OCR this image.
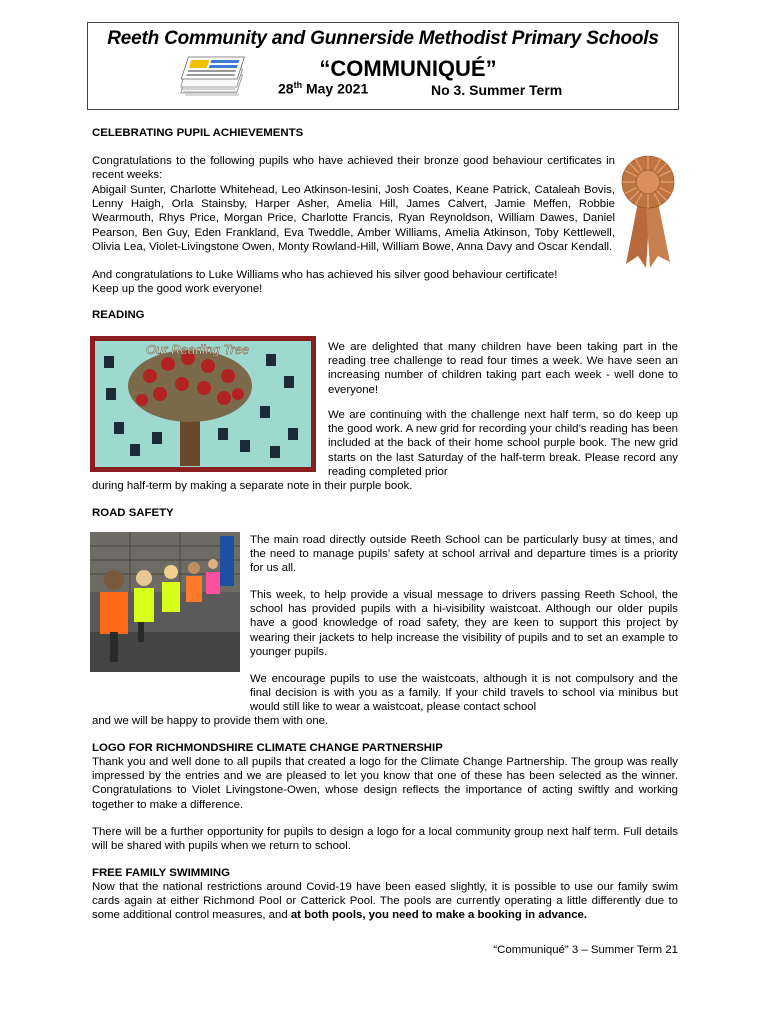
Reeth Community and Gunnerside Methodist Primary Schools
“COMMUNIQUÉ”
28th May 2021	No 3. Summer Term
CELEBRATING PUPIL ACHIEVEMENTS

Congratulations to the following pupils who have achieved their bronze good behaviour certificates in recent weeks:

Abigail Sunter, Charlotte Whitehead, Leo Atkinson-Iesini, Josh Coates, Keane Patrick, Cataleah Bovis, Lenny Haigh, Orla Stainsby, Harper Asher, Amelia Hill, James Calvert, Jamie Meffen, Robbie Wearmouth, Rhys Price, Morgan Price, Charlotte Francis, Ryan Reynoldson, William Dawes, Daniel Pearson, Ben Guy, Eden Frankland, Eva Tweddle, Amber Williams, Amelia Atkinson, Toby Kettlewell, Olivia Lea, Violet-Livingstone Owen, Monty Rowland-Hill, William Bowe, Anna Davy and Oscar Kendall.

And congratulations to Luke Williams who has achieved his silver good behaviour certificate!

Keep up the good work everyone!

READING
Our Reading Tree	We are delighted that many children have been taking part in the reading tree challenge to read four times a week. We have seen an increasing number of children taking part each week - well done to everyone!

We are continuing with the challenge next half term, so do keep up the good work. A new grid for recording your child’s reading has been included at the back of their home school purple book. The new grid starts on the last Saturday of the half-term break. Please record any reading completed prior

during half-term by making a separate note in their purple book.

ROAD SAFETY

The main road directly outside Reeth School can be particularly busy at times, and the need to manage pupils’ safety at school arrival and departure times is a priority for us all.

This week, to help provide a visual message to drivers passing Reeth School, the school has provided pupils with a hi-visibility waistcoat. Although our older pupils have a good knowledge of road safety, they are keen to support this project by wearing their jackets to help increase the visibility of pupils and to set an example to younger pupils.

We encourage pupils to use the waistcoats, although it is not compulsory and the final decision is with you as a family. If your child travels to school via minibus but would still like to wear a waistcoat, please contact school

and we will be happy to provide them with one.

LOGO FOR RICHMONDSHIRE CLIMATE CHANGE PARTNERSHIP

Thank you and well done to all pupils that created a logo for the Climate Change Partnership. The group was really impressed by the entries and we are pleased to let you know that one of these has been selected as the winner. Congratulations to Violet Livingstone-Owen, whose design reflects the importance of acting swiftly and working together to make a difference.

There will be a further opportunity for pupils to design a logo for a local community group next half term. Full details will be shared with pupils when we return to school.

FREE FAMILY SWIMMING

Now that the national restrictions around Covid-19 have been eased slightly, it is possible to use our family swim cards again at either Richmond Pool or Catterick Pool. The pools are currently operating a little differently due to some additional control measures, and at both pools, you need to make a booking in advance.

“Communiqué” 3 – Summer Term 21
